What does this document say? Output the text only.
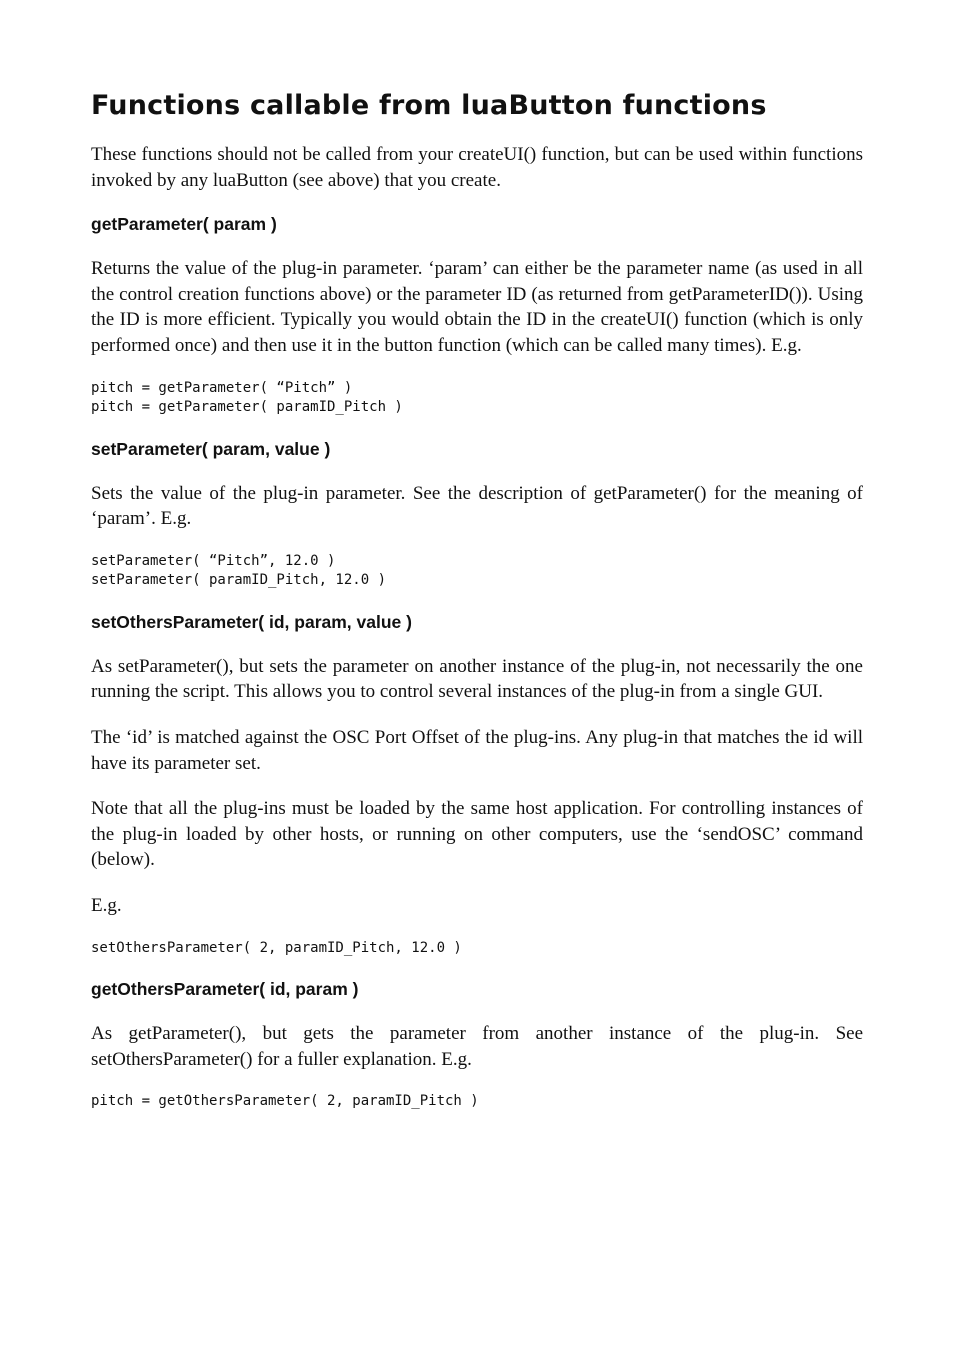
Functions callable from luaButton functions

These functions should not be called from your createUI() function, but can be used within functions invoked by any luaButton (see above) that you create.

getParameter( param )

Returns the value of the plug-in parameter. ‘param’ can either be the parameter name (as used in all the control creation functions above) or the parameter ID (as returned from getParameterID()). Using the ID is more efficient. Typically you would obtain the ID in the createUI() function (which is only performed once) and then use it in the button function (which can be called many times). E.g.

pitch = getParameter( “Pitch” )
pitch = getParameter( paramID_Pitch )
setParameter( param, value )

Sets the value of the plug-in parameter. See the description of getParameter() for the meaning of ‘param’. E.g.

setParameter( “Pitch”, 12.0 )
setParameter( paramID_Pitch, 12.0 )
setOthersParameter( id, param, value )

As setParameter(), but sets the parameter on another instance of the plug-in, not necessarily the one running the script. This allows you to control several instances of the plug-in from a single GUI.

The ‘id’ is matched against the OSC Port Offset of the plug-ins. Any plug-in that matches the id will have its parameter set.

Note that all the plug-ins must be loaded by the same host application. For controlling instances of the plug-in loaded by other hosts, or running on other computers, use the ‘sendOSC’ command (below).

E.g.

setOthersParameter( 2, paramID_Pitch, 12.0 )
getOthersParameter( id, param )

As getParameter(), but gets the parameter from another instance of the plug-in. See setOthersParameter() for a fuller explanation. E.g.

pitch = getOthersParameter( 2, paramID_Pitch )
